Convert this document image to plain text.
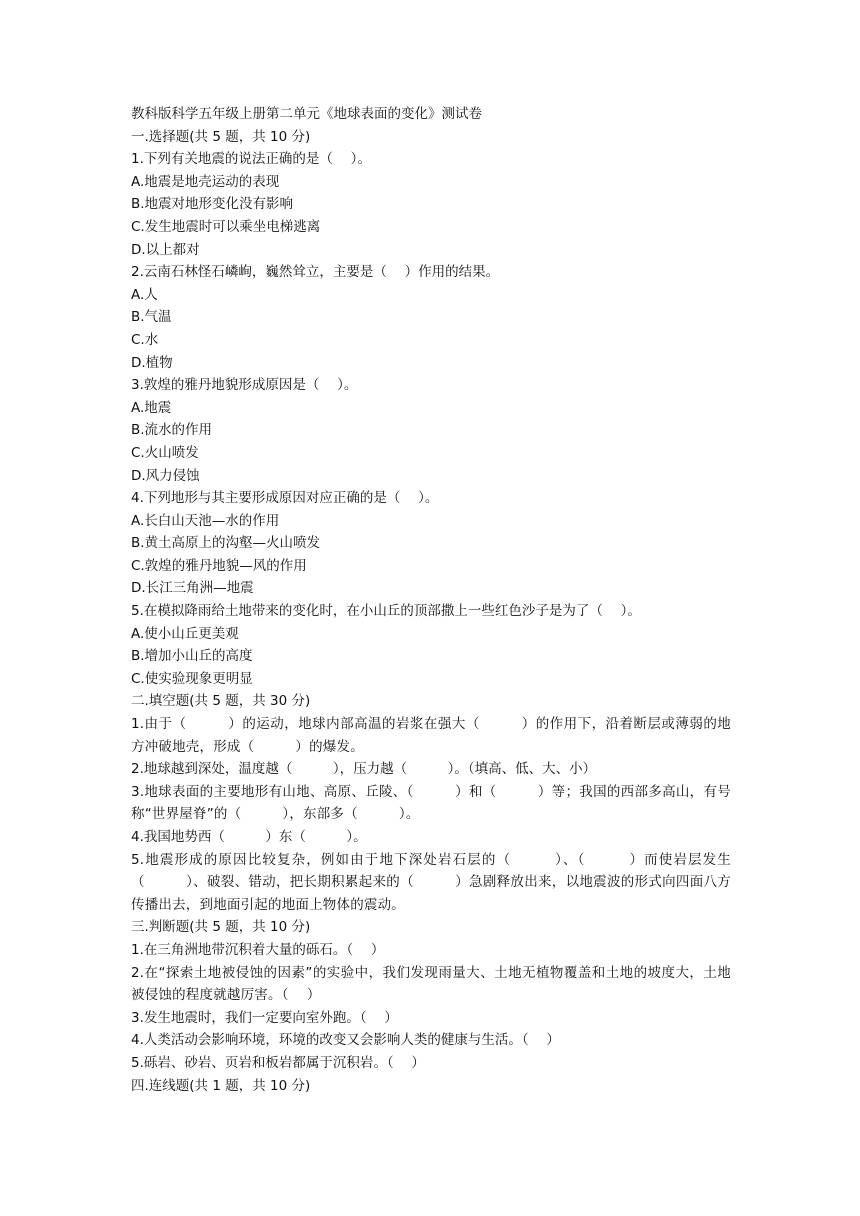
教科版科学五年级上册第二单元《地球表面的变化》测试卷

一.选择题(共 5 题，共 10 分)

1.下列有关地震的说法正确的是（　 ）。

A.地震是地壳运动的表现

B.地震对地形变化没有影响

C.发生地震时可以乘坐电梯逃离

D.以上都对

2.云南石林怪石嶙峋，巍然耸立，主要是（　 ）作用的结果。

A.人

B.气温

C.水

D.植物

3.敦煌的雅丹地貌形成原因是（　 ）。

A.地震

B.流水的作用

C.火山喷发

D.风力侵蚀

4.下列地形与其主要形成原因对应正确的是（　 ）。

A.长白山天池—水的作用

B.黄土高原上的沟壑—火山喷发

C.敦煌的雅丹地貌—风的作用

D.长江三角洲—地震

5.在模拟降雨给土地带来的变化时，在小山丘的顶部撒上一些红色沙子是为了（　 ）。

A.使小山丘更美观

B.增加小山丘的高度

C.使实验现象更明显

二.填空题(共 5 题，共 30 分)

1.由于（　　　）的运动，地球内部高温的岩浆在强大（　　　）的作用下，沿着断层或薄弱的地方冲破地壳，形成（　　　）的爆发。

2.地球越到深处，温度越（　　　），压力越（　　　）。（填高、低、大、小）

3.地球表面的主要地形有山地、高原、丘陵、（　　　）和（　　　）等；我国的西部多高山，有号称“世界屋脊”的（　　　），东部多（　　　）。

4.我国地势西（　　　）东（　　　）。

5.地震形成的原因比较复杂，例如由于地下深处岩石层的（　　　）、（　　　）而使岩层发生（　　　）、破裂、错动，把长期积累起来的（　　　）急剧释放出来，以地震波的形式向四面八方传播出去，到地面引起的地面上物体的震动。

三.判断题(共 5 题，共 10 分)

1.在三角洲地带沉积着大量的砾石。（　 ）

2.在“探索土地被侵蚀的因素”的实验中，我们发现雨量大、土地无植物覆盖和土地的坡度大，土地被侵蚀的程度就越厉害。（　 ）

3.发生地震时，我们一定要向室外跑。（　 ）

4.人类活动会影响环境，环境的改变又会影响人类的健康与生活。（　 ）

5.砾岩、砂岩、页岩和板岩都属于沉积岩。（　 ）

四.连线题(共 1 题，共 10 分)
